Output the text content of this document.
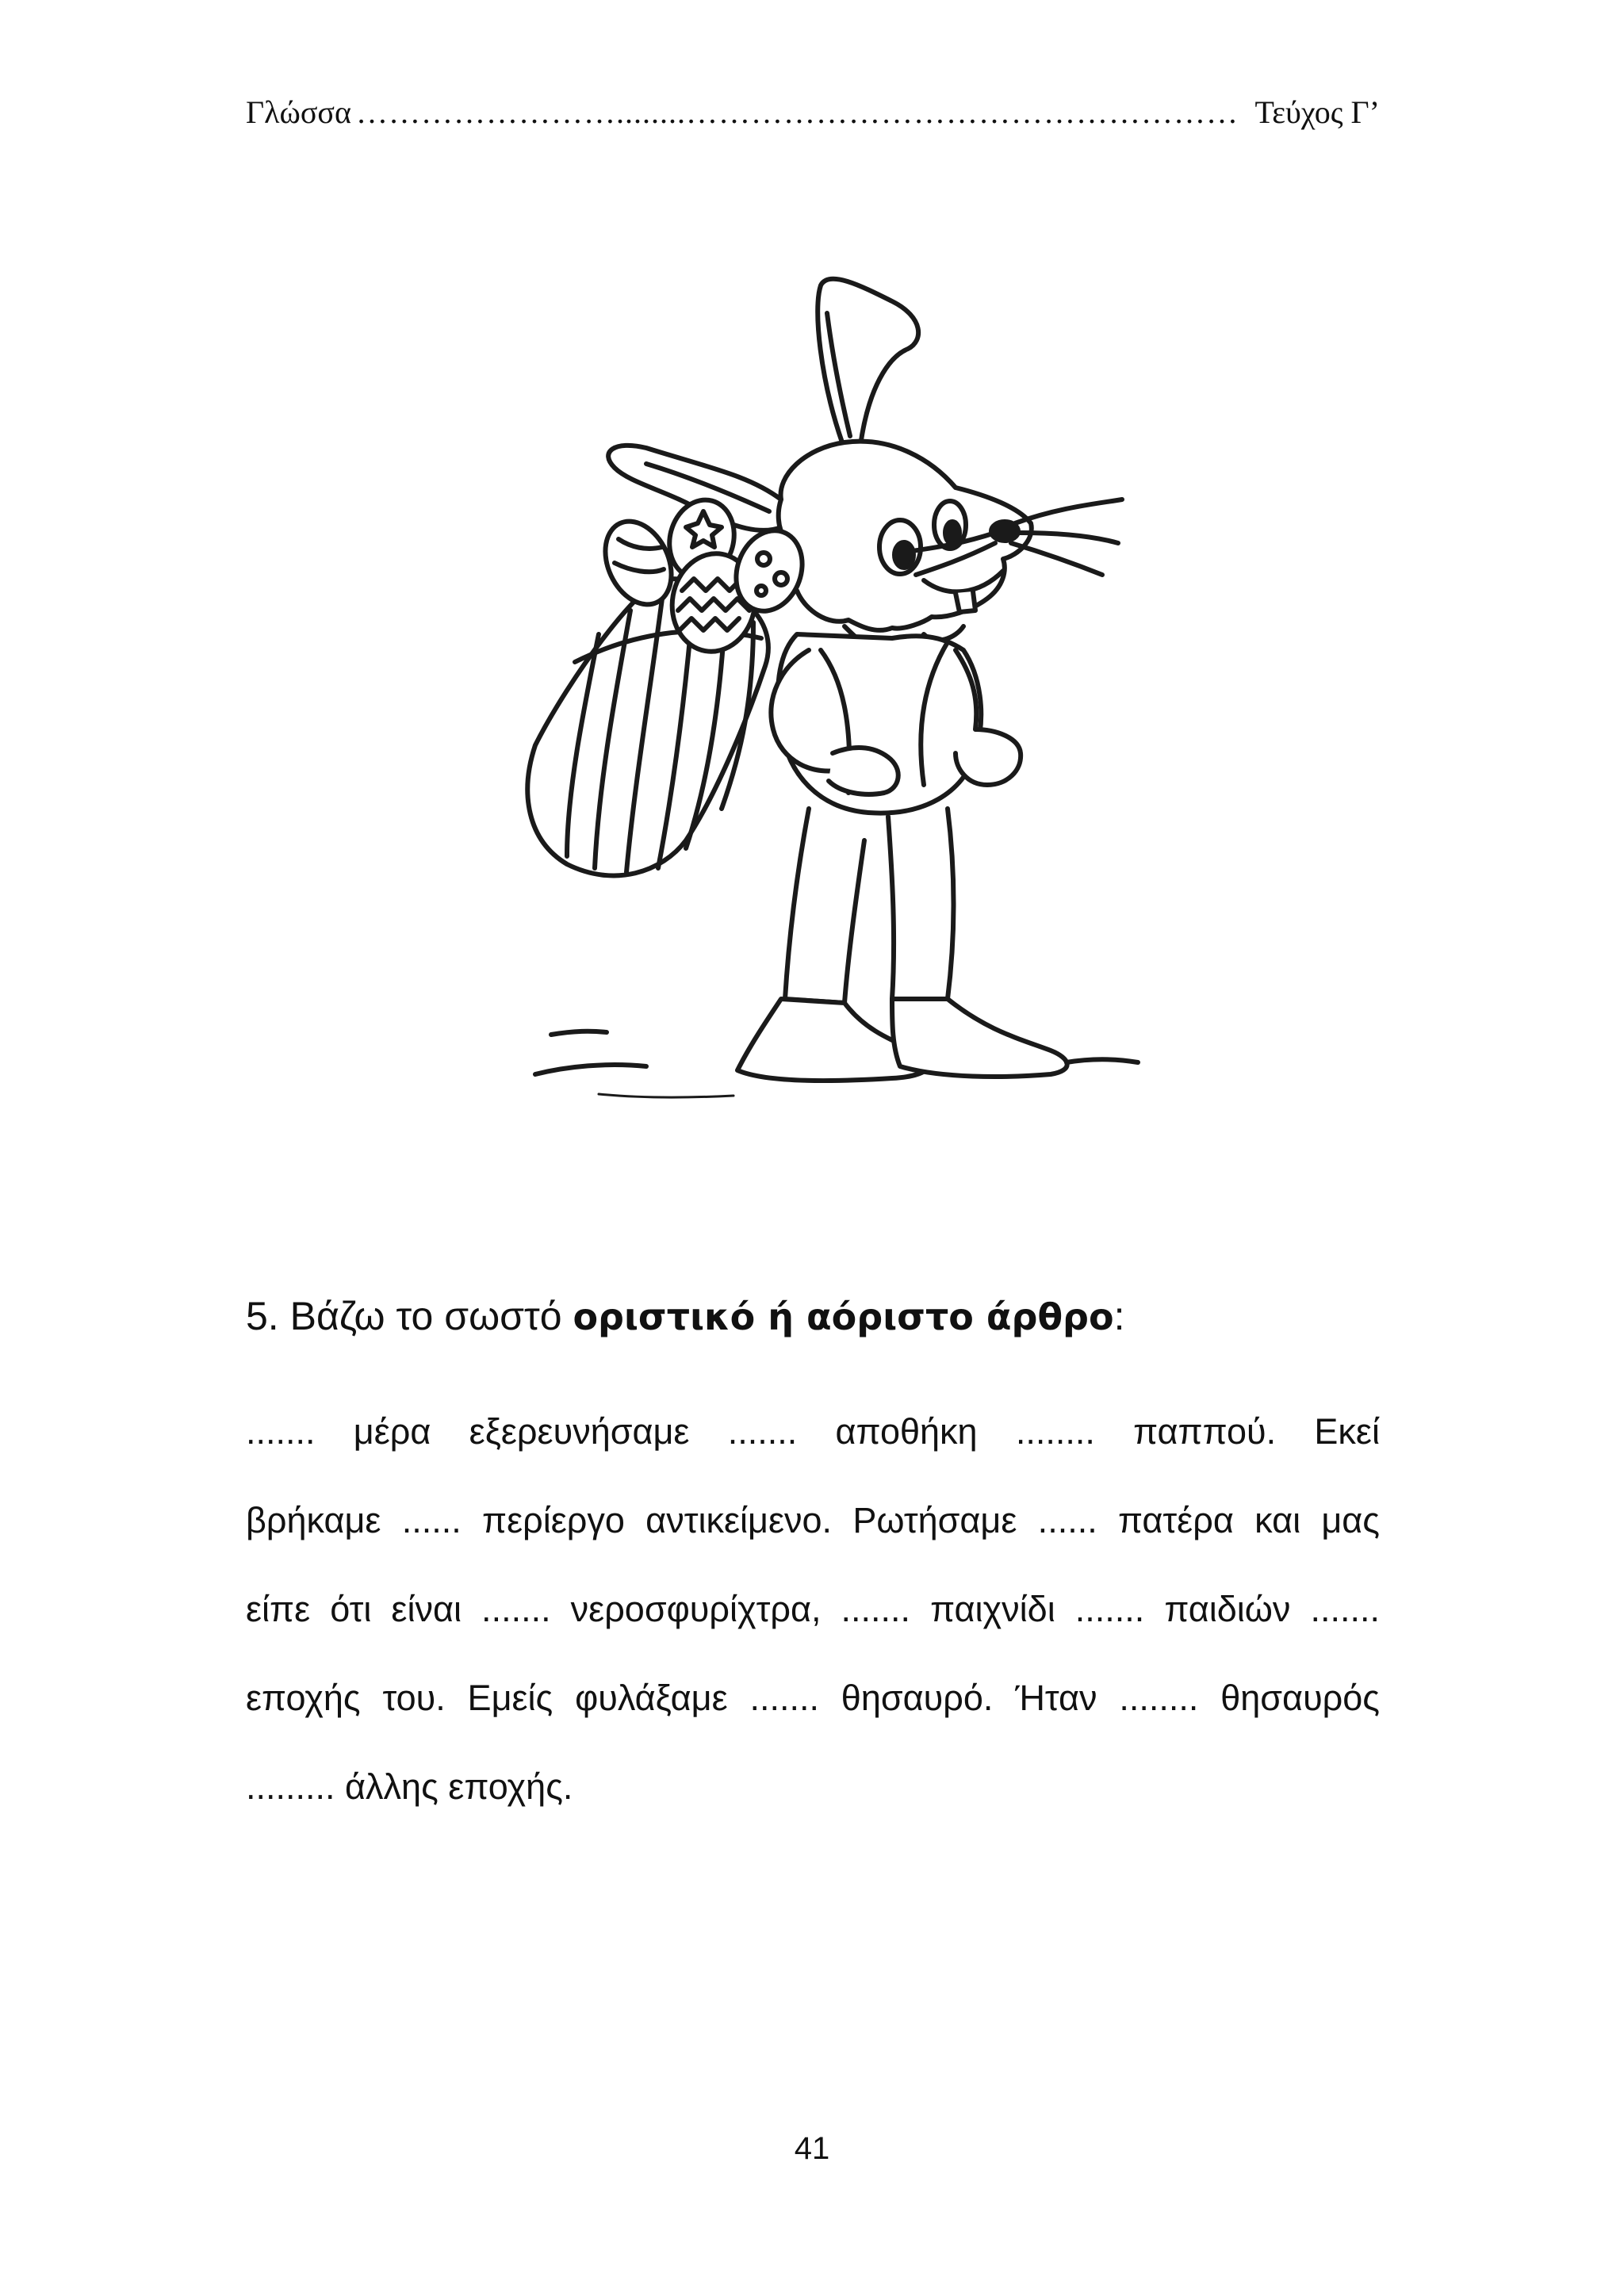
Γλώσσα ……………………........…………………………………………… Τεύχος Γ’
5. Βάζω το σωστό οριστικό ή αόριστο άρθρο:
....... μέρα εξερευνήσαμε ....... αποθήκη ........ παππού. Εκεί
βρήκαμε ...... περίεργο αντικείμενο. Ρωτήσαμε ...... πατέρα και μας
είπε ότι είναι ....... νεροσφυρίχτρα, ....... παιχνίδι ....... παιδιών .......
εποχής του. Εμείς φυλάξαμε ....... θησαυρό. Ήταν ........ θησαυρός
......... άλλης εποχής.
41
